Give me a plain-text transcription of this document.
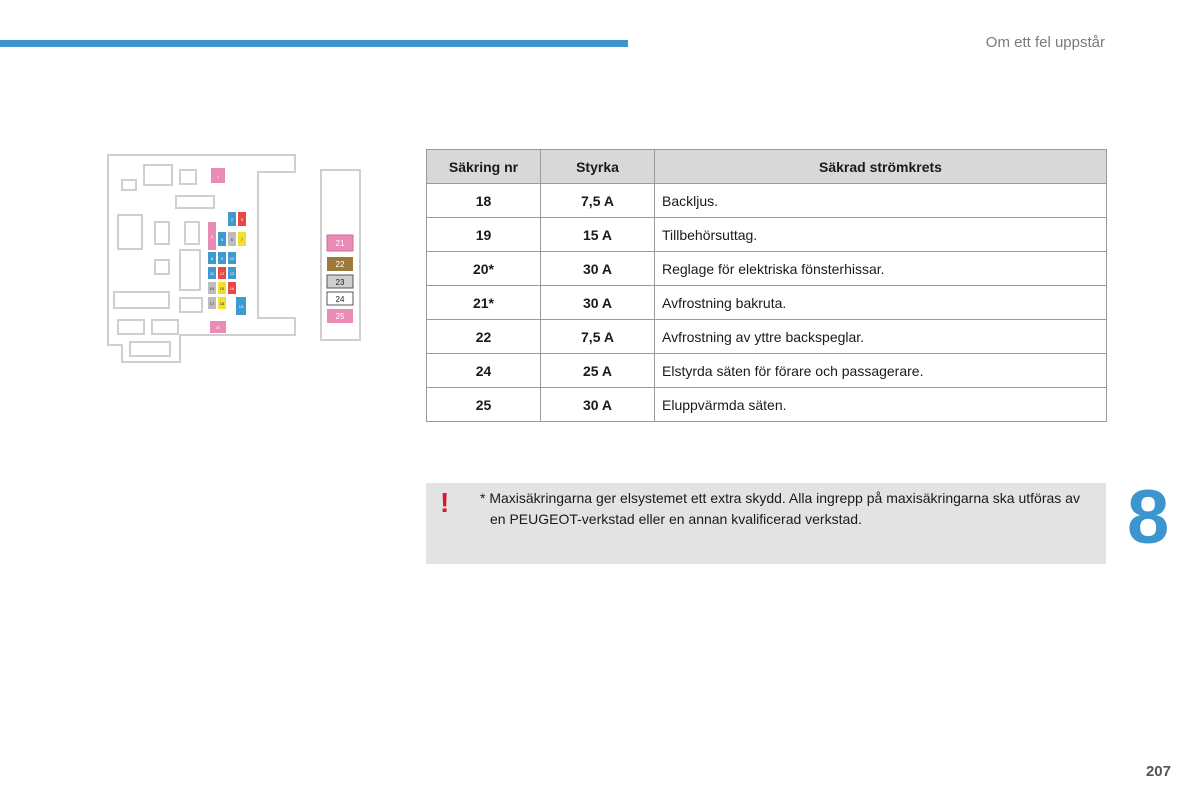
Om ett fel uppstår
1
2 3
4
5 6 7
8 9 10
11 12 13
14 15 16
17 18
19
20
21
22
23
24
25
Säkring nr	Styrka	Säkrad strömkrets
18	7,5 A	Backljus.
19	15 A	Tillbehörsuttag.
20*	30 A	Reglage för elektriska fönsterhissar.
21*	30 A	Avfrostning bakruta.
22	7,5 A	Avfrostning av yttre backspeglar.
24	25 A	Elstyrda säten för förare och passagerare.
25	30 A	Eluppvärmda säten.
! * Maxisäkringarna ger elsystemet ett extra skydd. Alla ingrepp på maxisäkringarna ska utföras av en PEUGEOT-verkstad eller en annan kvalificerad verkstad.	8
207
